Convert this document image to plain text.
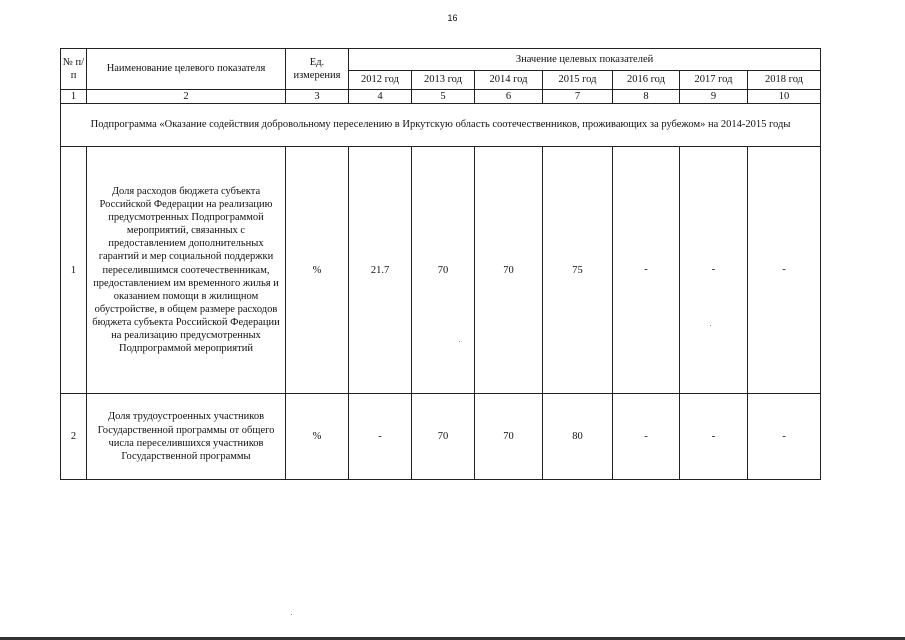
16
№ п/п	Наименование целевого показателя	Ед. измерения	Значение целевых показателей						
			2012 год	2013 год	2014 год	2015 год	2016 год	2017 год	2018 год
1	2	3	4	5	6	7	8	9	10
Подпрограмма «Оказание содействия добровольному переселению в Иркутскую область соотечественников, проживающих за рубежом» на 2014-2015 годы									
1	Доля расходов бюджета субъекта Российской Федерации на реализацию предусмотренных Подпрограммой мероприятий, связанных с предоставлением дополнительных гарантий и мер социальной поддержки переселившимся соотечественникам, предоставлением им временного жилья и оказанием помощи в жилищном обустройстве, в общем размере расходов бюджета субъекта Российской Федерации на реализацию предусмотренных Подпрограммой мероприятий	%	21.7	70	70	75	-	-	-
2	Доля трудоустроенных участников Государственной программы от общего числа переселившихся участников Государственной программы	%	-	70	70	80	-	-	-
